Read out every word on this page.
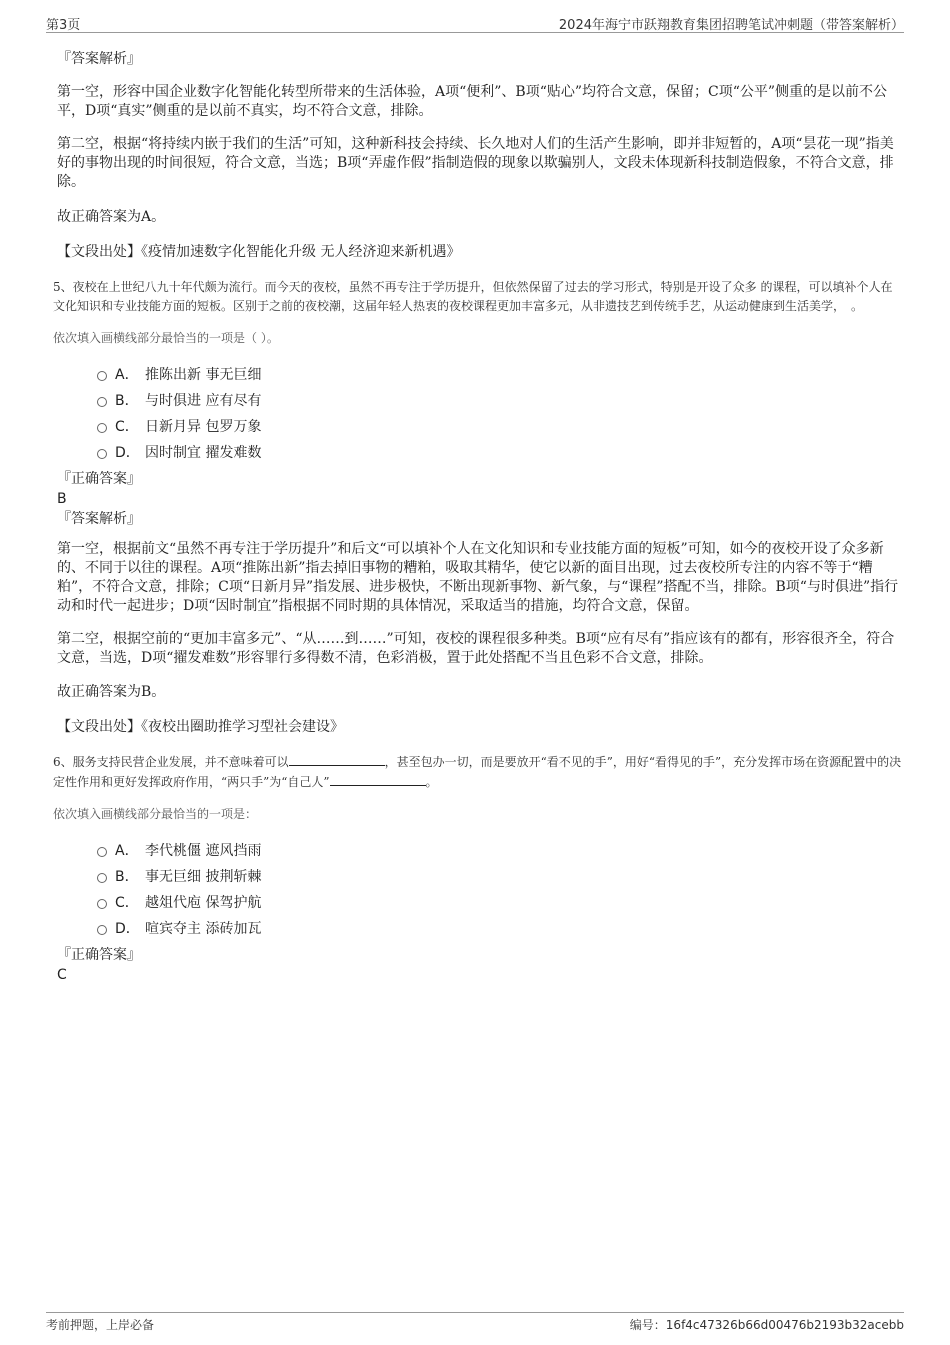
第3页	2024年海宁市跃翔教育集团招聘笔试冲刺题（带答案解析）
『答案解析』

第一空，形容中国企业数字化智能化转型所带来的生活体验，A项“便利”、B项“贴心”均符合文意，保留；C项“公平”侧重的是以前不公平，D项“真实”侧重的是以前不真实，均不符合文意，排除。

第二空，根据“将持续内嵌于我们的生活”可知，这种新科技会持续、长久地对人们的生活产生影响，即并非短暂的，A项“昙花一现”指美好的事物出现的时间很短，符合文意，当选；B项“弄虚作假”指制造假的现象以欺骗别人，文段未体现新科技制造假象，不符合文意，排除。

故正确答案为A。

【文段出处】《疫情加速数字化智能化升级 无人经济迎来新机遇》

5、夜校在上世纪八九十年代颇为流行。而今天的夜校，虽然不再专注于学历提升，但依然保留了过去的学习形式，特别是开设了众多 的课程，可以填补个人在文化知识和专业技能方面的短板。区别于之前的夜校潮，这届年轻人热衷的夜校课程更加丰富多元，从非遗技艺到传统手艺，从运动健康到生活美学，　。

依次填入画横线部分最恰当的一项是（ ）。
A． 推陈出新 事无巨细
B． 与时俱进 应有尽有
C． 日新月异 包罗万象
D． 因时制宜 擢发难数
『正确答案』
B
『答案解析』

第一空，根据前文“虽然不再专注于学历提升”和后文“可以填补个人在文化知识和专业技能方面的短板”可知，如今的夜校开设了众多新的、不同于以往的课程。A项“推陈出新”指去掉旧事物的糟粕，吸取其精华，使它以新的面目出现，过去夜校所专注的内容不等于“糟粕”，不符合文意，排除；C项“日新月异”指发展、进步极快，不断出现新事物、新气象，与“课程”搭配不当，排除。B项“与时俱进”指行动和时代一起进步；D项“因时制宜”指根据不同时期的具体情况，采取适当的措施，均符合文意，保留。

第二空，根据空前的“更加丰富多元”、“从……到……”可知，夜校的课程很多种类。B项“应有尽有”指应该有的都有，形容很齐全，符合文意，当选，D项“擢发难数”形容罪行多得数不清，色彩消极，置于此处搭配不当且色彩不合文意，排除。

故正确答案为B。

【文段出处】《夜校出圈助推学习型社会建设》

6、服务支持民营企业发展，并不意味着可以	，甚至包办一切，而是要放开“看不见的手”，用好“看得见的手”，充分发挥市场在资源配置中的决定性作用和更好发挥政府作用，“两只手”为“自己人”	。

依次填入画横线部分最恰当的一项是：
A． 李代桃僵 遮风挡雨
B． 事无巨细 披荆斩棘
C． 越俎代庖 保驾护航
D． 喧宾夺主 添砖加瓦
『正确答案』
C
考前押题，上岸必备	编号：16f4c47326b66d00476b2193b32acebb
